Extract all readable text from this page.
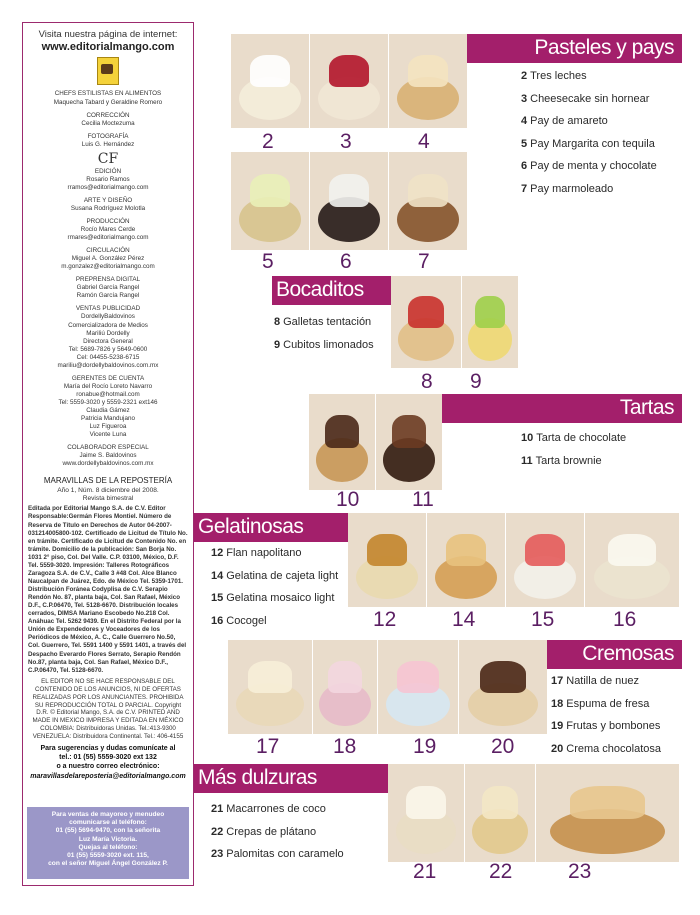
Visita nuestra página de internet:
www.editorialmango.com
CHEFS ESTILISTAS EN ALIMENTOS
Maquecha Tabard y Geraldine Romero
CORRECCIÓN
Cecilia Moctezuma
FOTOGRAFÍA
Luis G. Hernández
CF
EDICIÓN
Rosario Ramos
rramos@editorialmango.com
ARTE Y DISEÑO
Susana Rodríguez Molotla
PRODUCCIÓN
Rocío Mares Cerde
rmares@editorialmango.com
CIRCULACIÓN
Miguel A. González Pérez
m.gonzalez@editorialmango.com
PREPRENSA DIGITAL
Gabriel García Rangel
Ramón García Rangel
VENTAS PUBLICIDAD
DordellyBaldovinos
Comercializadora de Medios
Mariliú Dordelly
Directora General
Tel: 5689-7826 y 5649-0600
Cel: 04455-5238-6715
mariliu@dordellybaldovinos.com.mx
GERENTES DE CUENTA
María del Rocío Loreto Navarro
ronabue@hotmail.com
Tel: 5559-3020 y 5559-2321 ext146
Claudia Gámez
Patricia Mandujano
Luz Figueroa
Vicente Luna
COLABORADOR ESPECIAL
Jaime S. Baldovinos
www.dordellybaldovinos.com.mx
MARAVILLAS DE LA REPOSTERÍA
Año 1, Núm. 8 diciembre del 2008.
Revista bimestral
Editada por Editorial Mango S.A. de C.V. Editor Responsable:Germán Flores Montiel. Número de Reserva de Título en Derechos de Autor 04-2007-031214005800-102. Certificado de Licitud de Título No. en trámite. Certificado de Licitud de Contenido No. en trámite. Domicilio de la publicación: San Borja No. 1031 2° piso, Col. Del Valle. C.P. 03100, México, D.F. Tel. 5559-3020. Impresión: Talleres Rotográficos Zaragoza S.A. de C.V., Calle 3 #48 Col. Alce Blanco Naucalpan de Juárez, Edo. de México Tel. 5359-1701. Distribución Foránea Codyplisa de C.V. Serapio Rendón No. 87, planta baja, Col. San Rafael, México D.F., C.P.06470, Tel. 5128-6670. Distribución locales cerrados, DIMSA Mariano Escobedo No.218 Col. Anáhuac Tel. 5262 9439. En el Distrito Federal por la Unión de Expendedores y Voceadores de los Periódicos de México, A. C., Calle Guerrero No.50, Col. Guerrero, Tel. 5591 1400 y 5591 1401, a través del Despacho Everardo Flores Serrato, Serapio Rendón No.87, planta baja, Col. San Rafael, México D.F., C.P.06470, Tel. 5128-6670.
EL EDITOR NO SE HACE RESPONSABLE DEL CONTENIDO DE LOS ANUNCIOS, NI DE OFERTAS REALIZADAS POR LOS ANUNCIANTES. PROHIBIDA SU REPRODUCCIÓN TOTAL O PARCIAL. Copyright D.R. © Editorial Mango, S.A. de C.V. PRINTED AND MADE IN MEXICO IMPRESA Y EDITADA EN MÉXICO COLOMBIA: Distribuidoras Unidas. Tel.:413-9300 VENEZUELA: Distribuidora Continental. Tel.: 406-4155
Para sugerencias y dudas comunícate al
tel.: 01 (55) 5559-3020 ext 132
o a nuestro correo electrónico:
maravillasdelareposteria@editorialmango.com
Para ventas de mayoreo y menudeo
comunicarse al teléfono:
01 (55) 5694-9470, con la señorita
Luz María Victoria.
Quejas al teléfono:
01 (55) 5559-3020 ext. 115,
con el señor Miguel Ángel González P.
2	3	4
5	6	7
8 9
10	11
12	14	15	16
17	18	19	20
21	22	23
Pasteles y pays
Bocaditos
Tartas
Gelatinosas
Cremosas
Más dulzuras
2 Tres leches
3 Cheesecake sin hornear
4 Pay de amareto
5 Pay Margarita con tequila
6 Pay de menta y chocolate
7 Pay marmoleado
8 Galletas tentación
9 Cubitos limonados
10 Tarta de chocolate
11 Tarta brownie
12 Flan napolitano
14 Gelatina de cajeta light
15 Gelatina mosaico light
16 Cocogel
17 Natilla de nuez
18 Espuma de fresa
19 Frutas y bombones
20 Crema chocolatosa
21 Macarrones de coco
22 Crepas de plátano
23 Palomitas con caramelo
